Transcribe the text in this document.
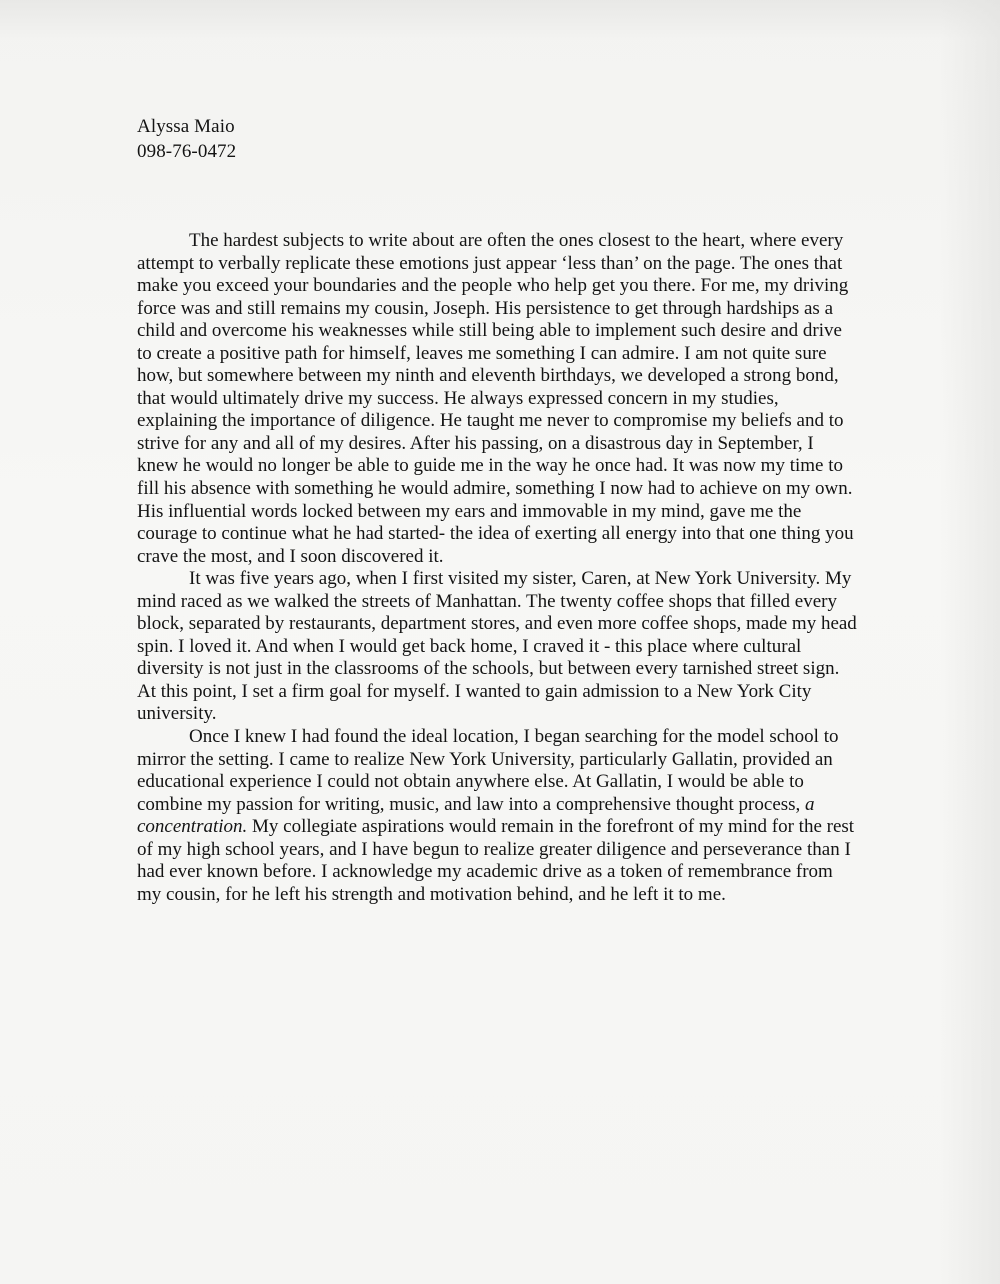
Alyssa Maio
098-76-0472

The hardest subjects to write about are often the ones closest to the heart, where every attempt to verbally replicate these emotions just appear ‘less than’ on the page. The ones that make you exceed your boundaries and the people who help get you there. For me, my driving force was and still remains my cousin, Joseph. His persistence to get through hardships as a child and overcome his weaknesses while still being able to implement such desire and drive to create a positive path for himself, leaves me something I can admire. I am not quite sure how, but somewhere between my ninth and eleventh birthdays, we developed a strong bond, that would ultimately drive my success. He always expressed concern in my studies, explaining the importance of diligence. He taught me never to compromise my beliefs and to strive for any and all of my desires. After his passing, on a disastrous day in September, I knew he would no longer be able to guide me in the way he once had. It was now my time to fill his absence with something he would admire, something I now had to achieve on my own. His influential words locked between my ears and immovable in my mind, gave me the courage to continue what he had started- the idea of exerting all energy into that one thing you crave the most, and I soon discovered it.

It was five years ago, when I first visited my sister, Caren, at New York University. My mind raced as we walked the streets of Manhattan. The twenty coffee shops that filled every block, separated by restaurants, department stores, and even more coffee shops, made my head spin. I loved it. And when I would get back home, I craved it - this place where cultural diversity is not just in the classrooms of the schools, but between every tarnished street sign. At this point, I set a firm goal for myself. I wanted to gain admission to a New York City university.

Once I knew I had found the ideal location, I began searching for the model school to mirror the setting. I came to realize New York University, particularly Gallatin, provided an educational experience I could not obtain anywhere else. At Gallatin, I would be able to combine my passion for writing, music, and law into a comprehensive thought process, a concentration. My collegiate aspirations would remain in the forefront of my mind for the rest of my high school years, and I have begun to realize greater diligence and perseverance than I had ever known before. I acknowledge my academic drive as a token of remembrance from my cousin, for he left his strength and motivation behind, and he left it to me.
